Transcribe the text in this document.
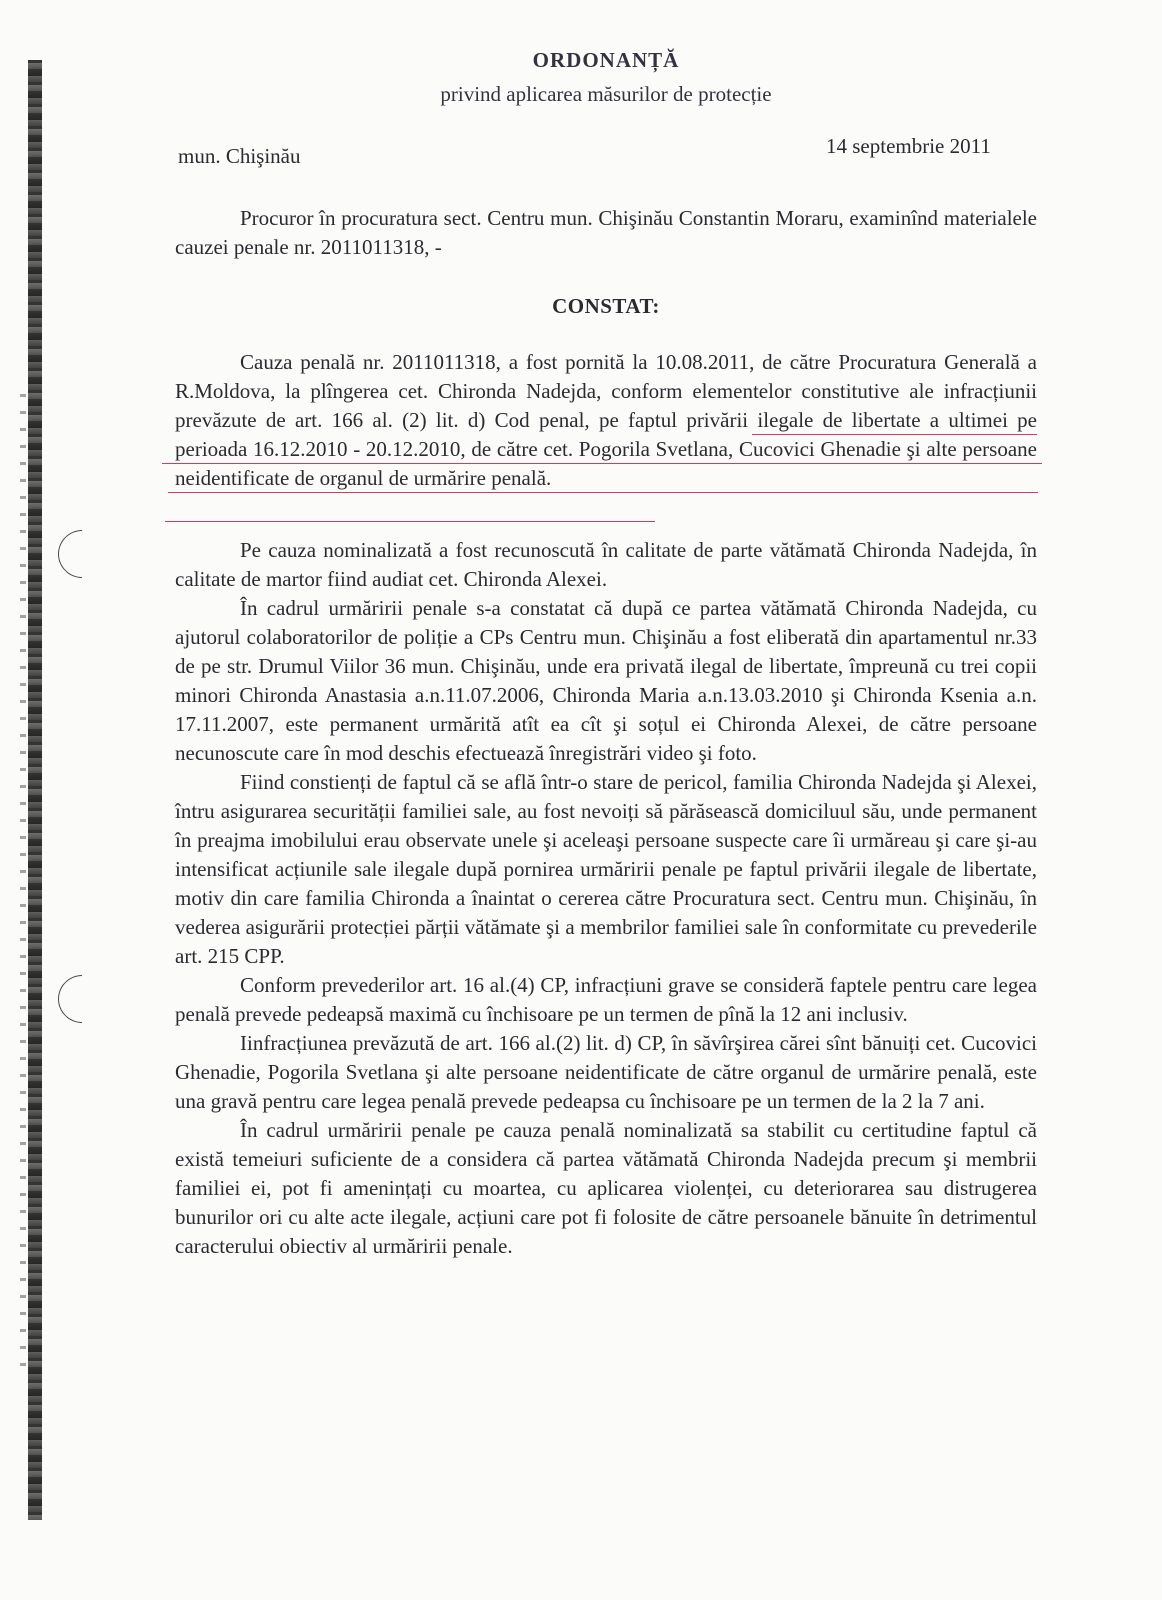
ORDONANȚĂ
privind aplicarea măsurilor de protecție
mun. Chişinău	14 septembrie 2011

Procuror în procuratura sect. Centru mun. Chişinău Constantin Moraru, examinînd materialele cauzei penale nr. 2011011318, -

CONSTAT:

Cauza penală nr. 2011011318, a fost pornită la 10.08.2011, de către Procuratura Generală a R.Moldova, la plîngerea cet. Chironda Nadejda, conform elementelor constitutive ale infracțiunii prevăzute de art. 166 al. (2) lit. d) Cod penal, pe faptul privării ilegale de libertate a ultimei pe perioada 16.12.2010 - 20.12.2010, de către cet. Pogorila Svetlana, Cucovici Ghenadie şi alte persoane neidentificate de organul de urmărire penală.

Pe cauza nominalizată a fost recunoscută în calitate de parte vătămată Chironda Nadejda, în calitate de martor fiind audiat cet. Chironda Alexei.

În cadrul urmăririi penale s-a constatat că după ce partea vătămată Chironda Nadejda, cu ajutorul colaboratorilor de poliție a CPs Centru mun. Chişinău a fost eliberată din apartamentul nr.33 de pe str. Drumul Viilor 36 mun. Chişinău, unde era privată ilegal de libertate, împreună cu trei copii minori Chironda Anastasia a.n.11.07.2006, Chironda Maria a.n.13.03.2010 şi Chironda Ksenia a.n. 17.11.2007, este permanent urmărită atît ea cît şi soțul ei Chironda Alexei, de către persoane necunoscute care în mod deschis efectuează înregistrări video şi foto.

Fiind constienți de faptul că se află într-o stare de pericol, familia Chironda Nadejda şi Alexei, întru asigurarea securității familiei sale, au fost nevoiți să părăsească domiciluul său, unde permanent în preajma imobilului erau observate unele şi aceleaşi persoane suspecte care îi urmăreau şi care şi-au intensificat acțiunile sale ilegale după pornirea urmăririi penale pe faptul privării ilegale de libertate, motiv din care familia Chironda a înaintat o cererea către Procuratura sect. Centru mun. Chişinău, în vederea asigurării protecției părții vătămate şi a membrilor familiei sale în conformitate cu prevederile art. 215 CPP.

Conform prevederilor art. 16 al.(4) CP, infracțiuni grave se consideră faptele pentru care legea penală prevede pedeapsă maximă cu închisoare pe un termen de pînă la 12 ani inclusiv.

Iinfracțiunea prevăzută de art. 166 al.(2) lit. d) CP, în săvîrşirea cărei sînt bănuiți cet. Cucovici Ghenadie, Pogorila Svetlana şi alte persoane neidentificate de către organul de urmărire penală, este una gravă pentru care legea penală prevede pedeapsa cu închisoare pe un termen de la 2 la 7 ani.

În cadrul urmăririi penale pe cauza penală nominalizată sa stabilit cu certitudine faptul că există temeiuri suficiente de a considera că partea vătămată Chironda Nadejda precum şi membrii familiei ei, pot fi amenințați cu moartea, cu aplicarea violenței, cu deteriorarea sau distrugerea bunurilor ori cu alte acte ilegale, acțiuni care pot fi folosite de către persoanele bănuite în detrimentul caracterului obiectiv al urmăririi penale.
